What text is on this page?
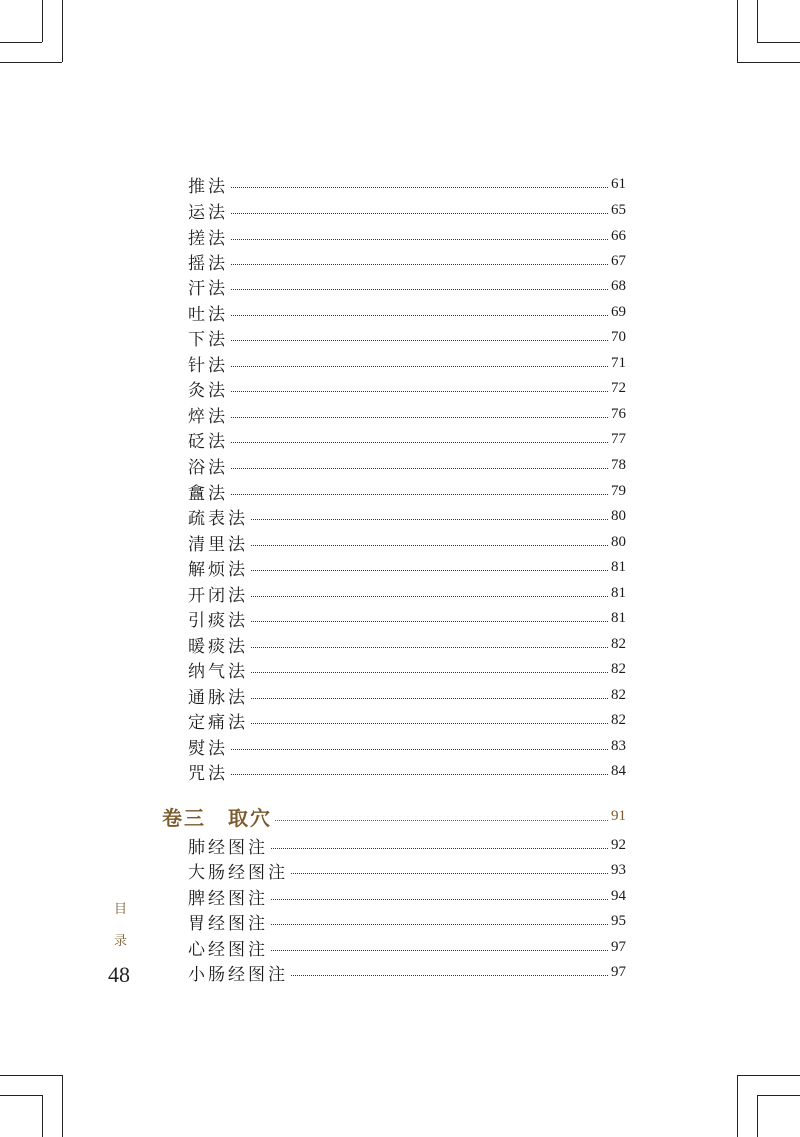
推法	61
运法	65
搓法	66
摇法	67
汗法	68
吐法	69
下法	70
针法	71
灸法	72
焠法	76
砭法	77
浴法	78
盫法	79
疏表法	80
清里法	80
解烦法	81
开闭法	81
引痰法	81
暖痰法	82
纳气法	82
通脉法	82
定痛法	82
熨法	83
咒法	84
卷三 取穴	91
肺经图注	92
大肠经图注	93
脾经图注	94
胃经图注	95
心经图注	97
小肠经图注	97
目
录
48
